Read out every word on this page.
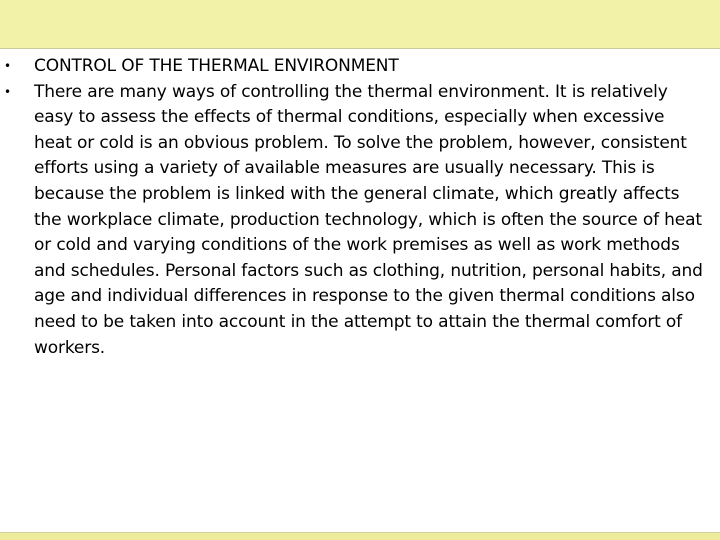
• CONTROL OF THE THERMAL ENVIRONMENT
• There are many ways of controlling the thermal environment. It is relatively easy to assess the effects of thermal conditions, especially when excessive heat or cold is an obvious problem. To solve the problem, however, consistent efforts using a variety of available measures are usually necessary. This is because the problem is linked with the general climate, which greatly affects the workplace climate, production technology, which is often the source of heat or cold and varying conditions of the work premises as well as work methods and schedules. Personal factors such as clothing, nutrition, personal habits, and age and individual differences in response to the given thermal conditions also need to be taken into account in the attempt to attain the thermal comfort of workers.
